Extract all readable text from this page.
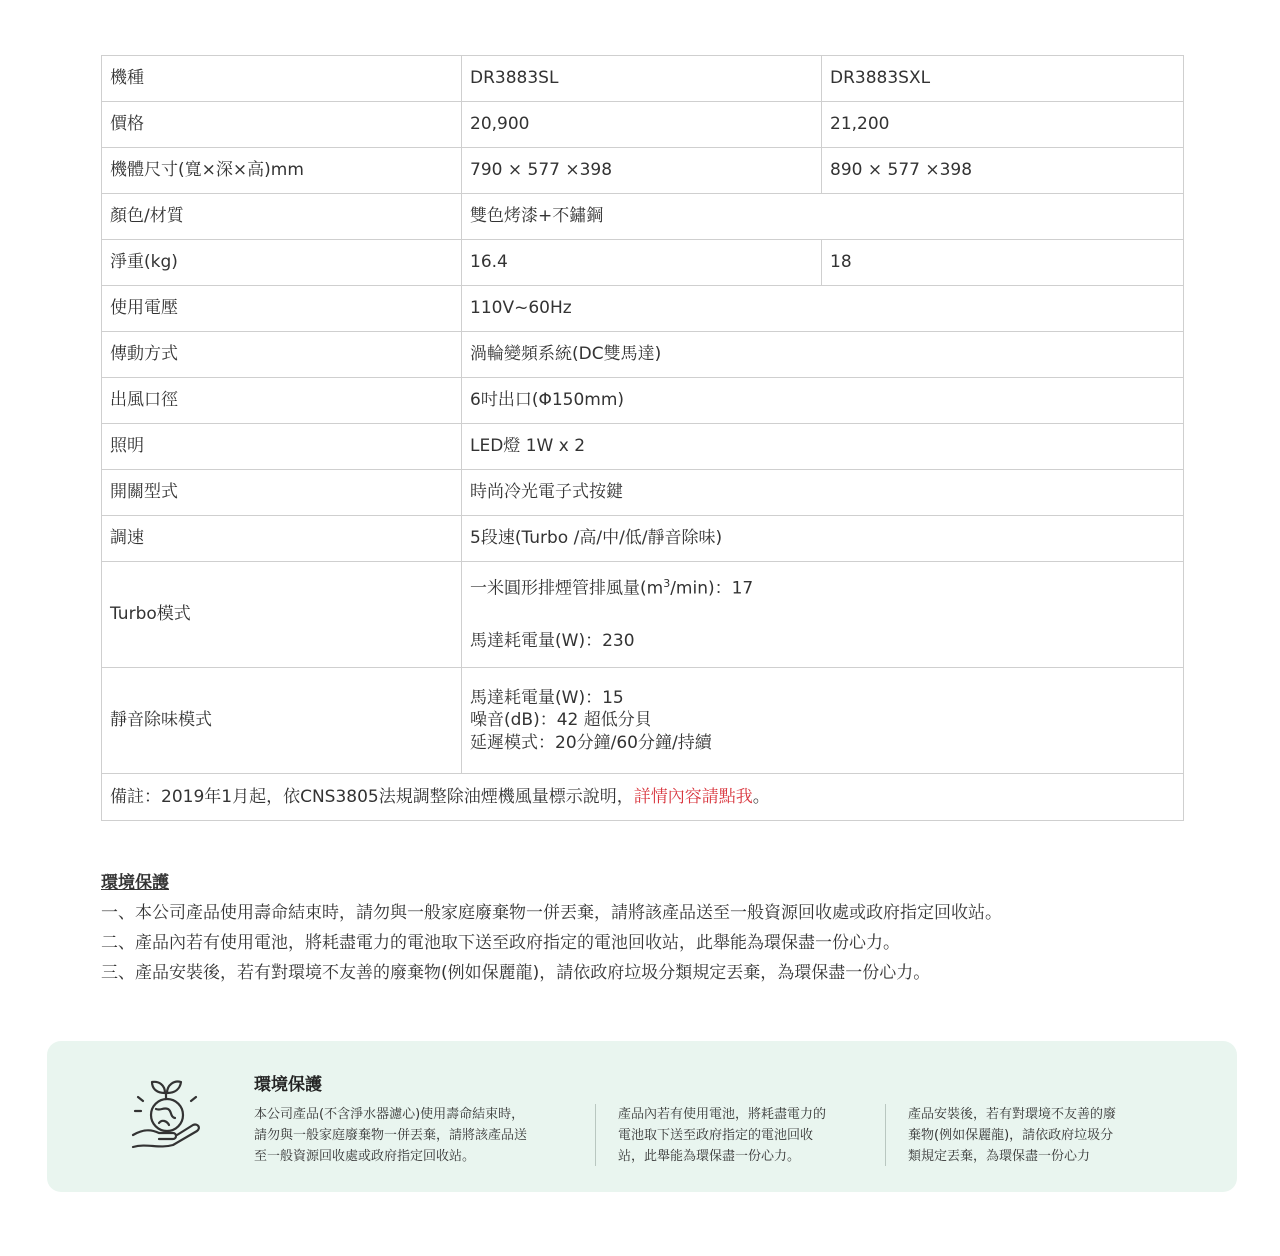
機種	DR3883SL	DR3883SXL
價格	20,900	21,200
機體尺寸(寬×深×高)mm	790 × 577 ×398	890 × 577 ×398
顏色/材質	雙色烤漆+不鏽鋼	
淨重(kg)	16.4	18
使用電壓	110V~60Hz	
傳動方式	渦輪變頻系統(DC雙馬達)	
出風口徑	6吋出口(Φ150mm)	
照明	LED燈 1W x 2	
開關型式	時尚冷光電子式按鍵	
調速	5段速(Turbo /高/中/低/靜音除味)	
Turbo模式	一米圓形排煙管排風量$(m^3/\min)$：17
馬達耗電量(W)：230	

靜音除味模式	馬達耗電量(W)：15
噪音(dB)：42 超低分貝
延遲模式：20分鐘/60分鐘/持續	

備註：2019年1月起，依CNS3805法規調整除油煙機風量標示說明，詳情內容請點我。		
環境保護
一、本公司產品使用壽命結束時，請勿與一般家庭廢棄物一併丟棄，請將該產品送至一般資源回收處或政府指定回收站。
二、產品內若有使用電池，將耗盡電力的電池取下送至政府指定的電池回收站，此舉能為環保盡一份心力。
三、產品安裝後，若有對環境不友善的廢棄物(例如保麗龍)，請依政府垃圾分類規定丟棄，為環保盡一份心力。
環境保護
本公司產品(不含淨水器濾心)使用壽命結束時，
請勿與一般家庭廢棄物一併丟棄，請將該產品送
至一般資源回收處或政府指定回收站。
產品內若有使用電池，將耗盡電力的
電池取下送至政府指定的電池回收
站，此舉能為環保盡一份心力。
產品安裝後，若有對環境不友善的廢
棄物(例如保麗龍)，請依政府垃圾分
類規定丟棄，為環保盡一份心力
